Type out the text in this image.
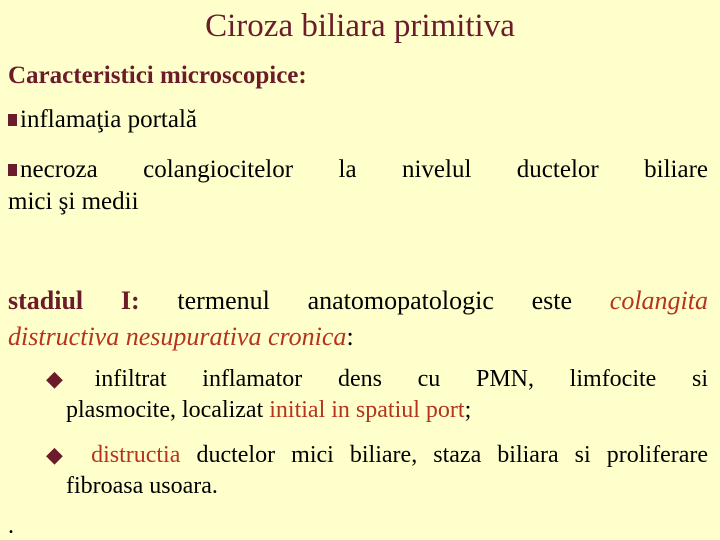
Ciroza biliara primitiva
Caracteristici microscopice:
inflamaţia portală
necroza colangiocitelor la nivelul ductelor biliare
mici şi medii
stadiul I: termenul anatomopatologic este colangita
distructiva nesupurativa cronica:
◆infiltrat inflamator dens cu PMN, limfocite si
plasmocite, localizat initial in spatiul port;
◆ distructia ductelor mici biliare, staza biliara si proliferare
fibroasa usoara.
.
